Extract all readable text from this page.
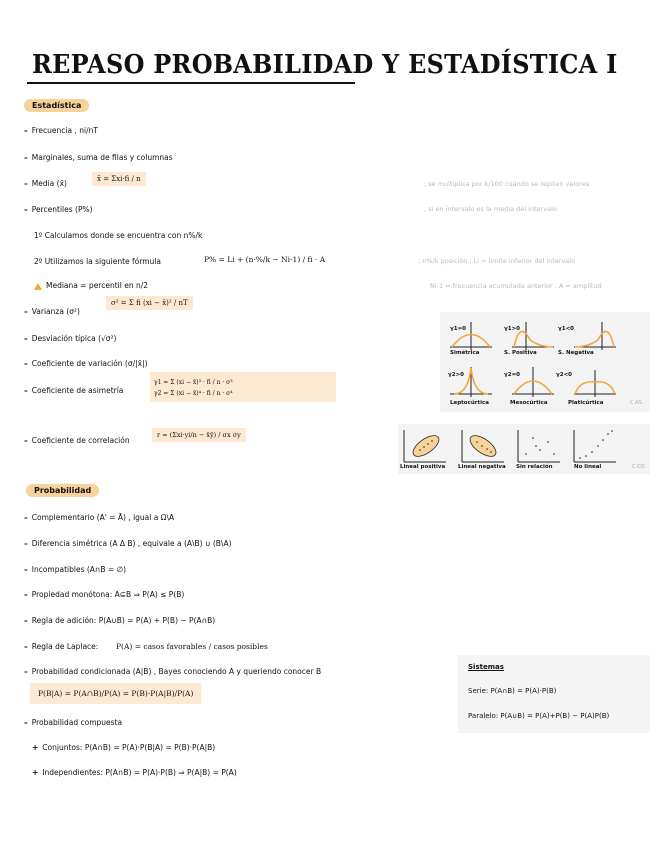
REPASO PROBABILIDAD Y ESTADÍSTICA I
Estadística
– Frecuencia , ni/nT
– Marginales, suma de filas y columnas
– Media (x̄)	x̄ = Σxi·fi / n
– Percentiles (P%)
1º Calculamos donde se encuentra con n%/k
2º Utilizamos la siguiente fórmula	P% = Li + (n·%/k − Ni-1) / fi · A
Mediana = percentil en n/2
– Varianza (σ²)
σ² = Σ fi (xi − x̄)² / nT
– Desviación típica (√σ²)
– Coeficiente de variación (σ/|x̄|)
– Coeficiente de asimetría
γ1 = Σ (xi − x̄)³ · fi / n · σ³
γ2 = Σ (xi − x̄)⁴ · fi / n · σ⁴
– Coeficiente de correlación
r = (Σxi·yi/n − x̄ȳ) / σx σy
; se multiplica por k/100 cuando se repiten valores
; si en intervalo es la media del intervalo
; n%/k posición , Li = límite inferior del intervalo
Ni-1 = frecuencia acumulada anterior , A = amplitud
γ1=0	γ1>0	γ1<0
Simétrica	S. Positiva	S. Negativa
γ2>0	γ2=0	γ2<0
Leptocúrtica	Mesocúrtica	Platicúrtica	C.AS.
Lineal positiva Lineal negativa Sin relación	No lineal	C.CO.
Probabilidad
– Complementario (A' = Ā) , igual a Ω\A
– Diferencia simétrica (A Δ B) , equivale a (A\B) ∪ (B\A)
– Incompatibles (A∩B = ∅)
– Propiedad monótona: A⊆B ⇒ P(A) ≤ P(B)
– Regla de adición: P(A∪B) = P(A) + P(B) − P(A∩B)
– Regla de Laplace: P(A) = casos favorables / casos posibles
– Probabilidad condicionada (A|B) , Bayes conociendo A y queriendo conocer B
P(B|A) = P(A∩B)/P(A) = P(B)·P(A|B)/P(A)
– Probabilidad compuesta
+ Conjuntos: P(A∩B) = P(A)·P(B|A) = P(B)·P(A|B)
+ Independientes: P(A∩B) = P(A)·P(B) ⇒ P(A|B) = P(A)
Sistemas
Serie: P(A∩B) = P(A)·P(B)
Paralelo: P(A∪B) = P(A)+P(B) − P(A)P(B)
